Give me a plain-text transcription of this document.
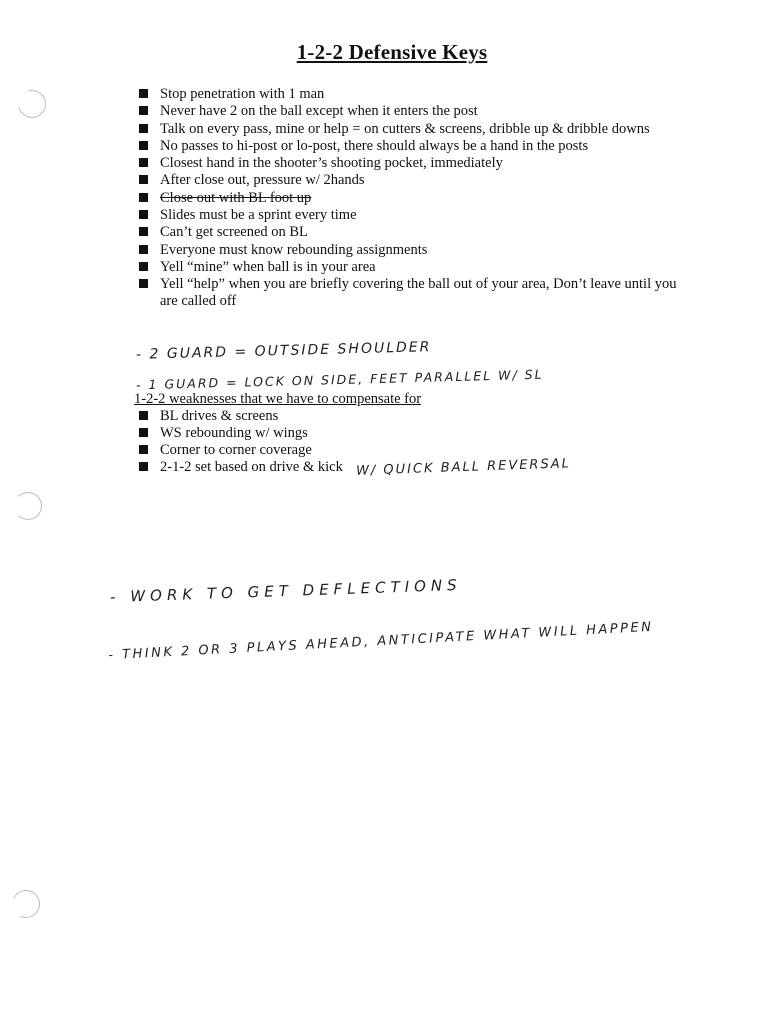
1-2-2 Defensive Keys
Stop penetration with 1 man
Never have 2 on the ball except when it enters the post
Talk on every pass, mine or help = on cutters & screens, dribble up & dribble downs
No passes to hi-post or lo-post, there should always be a hand in the posts
Closest hand in the shooter’s shooting pocket, immediately
After close out, pressure w/ 2hands
Close out with BL foot up
Slides must be a sprint every time
Can’t get screened on BL
Everyone must know rebounding assignments
Yell “mine” when ball is in your area
Yell “help” when you are briefly covering the ball out of your area, Don’t leave until you are called off
- 2 GUARD = OUTSIDE SHOULDER
- 1 GUARD = LOCK ON SIDE, FEET PARALLEL W/ SL
1-2-2 weaknesses that we have to compensate for
BL drives & screens
WS rebounding w/ wings
Corner to corner coverage
2-1-2 set based on drive & kick W/ QUICK BALL REVERSAL
- WORK TO GET DEFLECTIONS
- THINK 2 OR 3 PLAYS AHEAD, ANTICIPATE WHAT WILL HAPPEN
